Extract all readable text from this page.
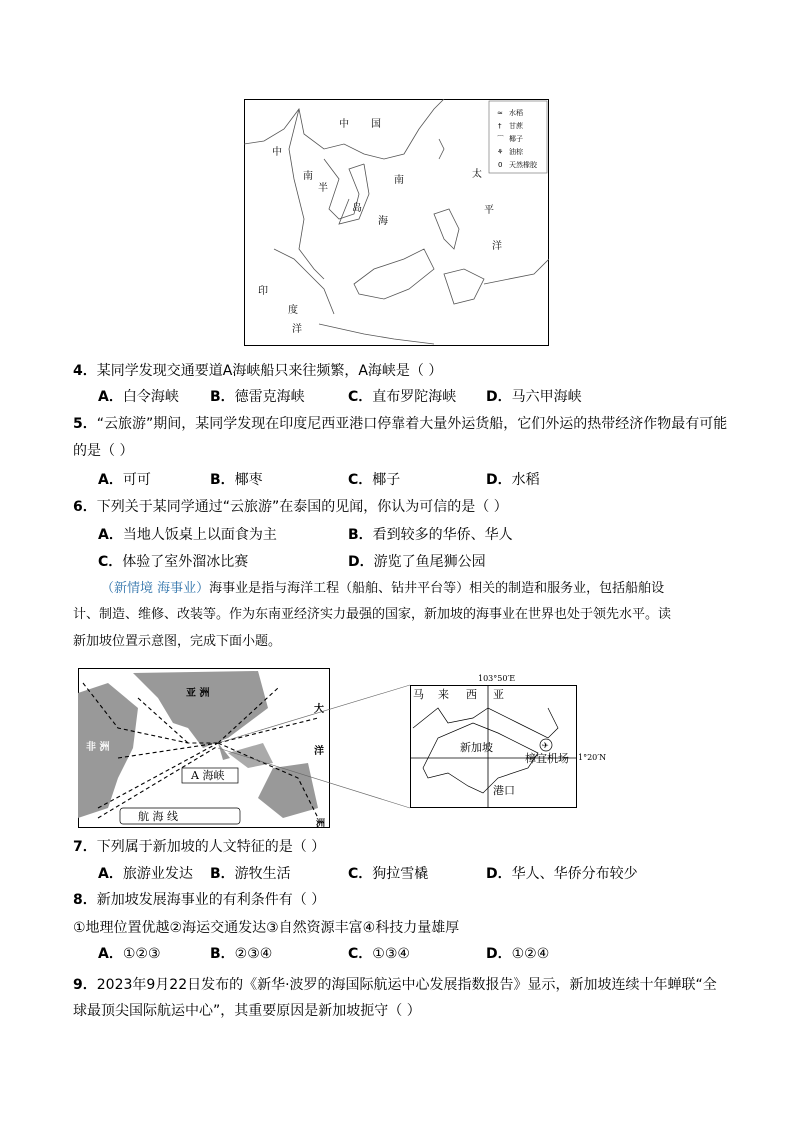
中 国
中
南
半
岛
南
海
太
平
洋
印
度
洋
水稻
甘蔗
椰子
油棕
天然橡胶
≈
†
⌒
⚘
0
4．某同学发现交通要道A海峡船只来往频繁，A海峡是（ ）
A．白令海峡 B．德雷克海峡	C．直布罗陀海峡 D．马六甲海峡
5．“云旅游”期间，某同学发现在印度尼西亚港口停靠着大量外运货船，它们外运的热带经济作物最有可能
的是（ ）
A．可可	B．椰枣	C．椰子	D．水稻
6．下列关于某同学通过“云旅游”在泰国的见闻，你认为可信的是（ ）
A．当地人饭桌上以面食为主	B．看到较多的华侨、华人
C．体验了室外溜冰比赛	D．游览了鱼尾狮公园
（新情境 海事业）海事业是指与海洋工程（船舶、钻井平台等）相关的制造和服务业，包括船舶设
计、制造、维修、改装等。作为东南亚经济实力最强的国家，新加坡的海事业在世界也处于领先水平。读
新加坡位置示意图，完成下面小题。
A 海峡
航 海 线
亚 洲
非 洲
大
洋
洲
103°50′E
1°20′N
马 来 西 亚
新加坡	✈
樟宜机场
港口
7．下列属于新加坡的人文特征的是（ ）
A．旅游业发达 B．游牧生活	C．狗拉雪橇	D．华人、华侨分布较少
8．新加坡发展海事业的有利条件有（ ）
①地理位置优越②海运交通发达③自然资源丰富④科技力量雄厚
A．①②③	B．②③④	C．①③④	D．①②④
9．2023年9月22日发布的《新华·波罗的海国际航运中心发展指数报告》显示，新加坡连续十年蝉联“全
球最顶尖国际航运中心”，其重要原因是新加坡扼守（ ）
